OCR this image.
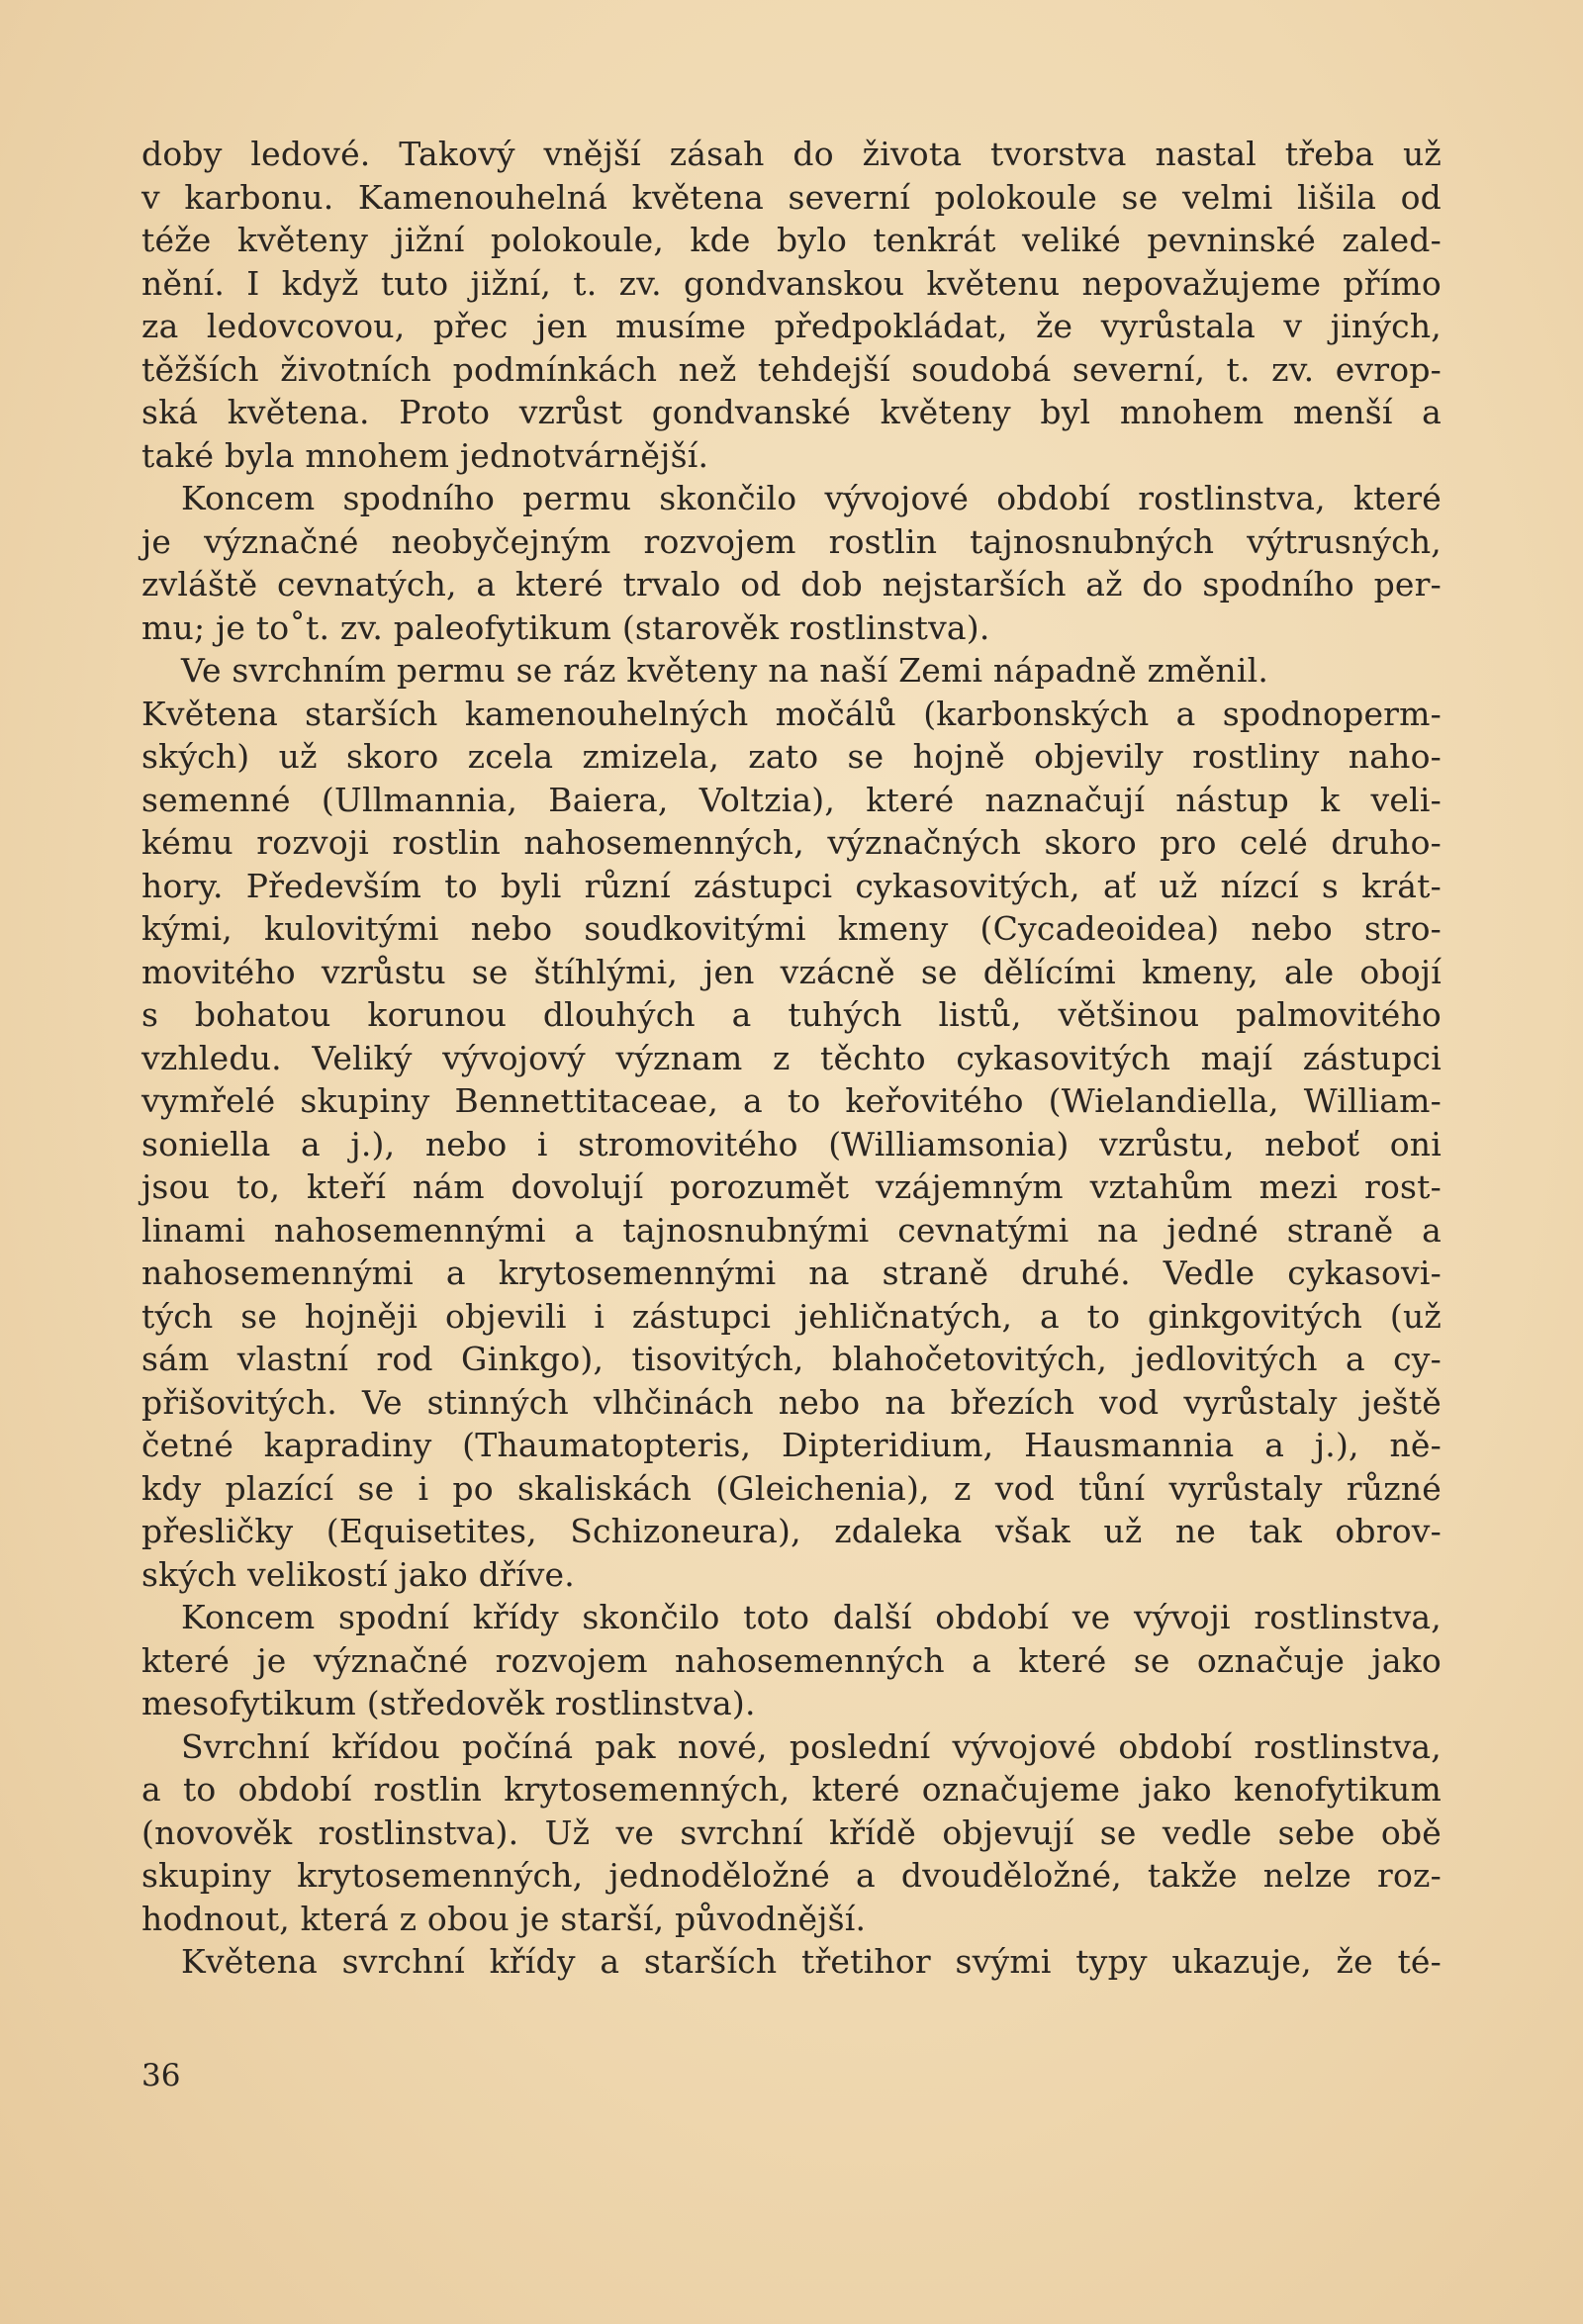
doby ledové. Takový vnější zásah do života tvorstva nastal třeba už
v karbonu. Kamenouhelná květena severní polokoule se velmi lišila od
téže květeny jižní polokoule, kde bylo tenkrát veliké pevninské zaled-
nění. I když tuto jižní, t. zv. gondvanskou květenu nepovažujeme přímo
za ledovcovou, přec jen musíme předpokládat, že vyrůstala v jiných,
těžších životních podmínkách než tehdejší soudobá severní, t. zv. evrop-
ská květena. Proto vzrůst gondvanské květeny byl mnohem menší a
také byla mnohem jednotvárnější.
Koncem spodního permu skončilo vývojové období rostlinstva, které
je význačné neobyčejným rozvojem rostlin tajnosnubných výtrusných,
zvláště cevnatých, a které trvalo od dob nejstarších až do spodního per-
mu; je to˚t. zv. paleofytikum (starověk rostlinstva).
Ve svrchním permu se ráz květeny na naší Zemi nápadně změnil.
Květena starších kamenouhelných močálů (karbonských a spodnoperm-
ských) už skoro zcela zmizela, zato se hojně objevily rostliny naho-
semenné (Ullmannia, Baiera, Voltzia), které naznačují nástup k veli-
kému rozvoji rostlin nahosemenných, význačných skoro pro celé druho-
hory. Především to byli různí zástupci cykasovitých, ať už nízcí s krát-
kými, kulovitými nebo soudkovitými kmeny (Cycadeoidea) nebo stro-
movitého vzrůstu se štíhlými, jen vzácně se dělícími kmeny, ale obojí
s bohatou korunou dlouhých a tuhých listů, většinou palmovitého
vzhledu. Veliký vývojový význam z těchto cykasovitých mají zástupci
vymřelé skupiny Bennettitaceae, a to keřovitého (Wielandiella, William-
soniella a j.), nebo i stromovitého (Williamsonia) vzrůstu, neboť oni
jsou to, kteří nám dovolují porozumět vzájemným vztahům mezi rost-
linami nahosemennými a tajnosnubnými cevnatými na jedné straně a
nahosemennými a krytosemennými na straně druhé. Vedle cykasovi-
tých se hojněji objevili i zástupci jehličnatých, a to ginkgovitých (už
sám vlastní rod Ginkgo), tisovitých, blahočetovitých, jedlovitých a cy-
přišovitých. Ve stinných vlhčinách nebo na březích vod vyrůstaly ještě
četné kapradiny (Thaumatopteris, Dipteridium, Hausmannia a j.), ně-
kdy plazící se i po skaliskách (Gleichenia), z vod tůní vyrůstaly různé
přesličky (Equisetites, Schizoneura), zdaleka však už ne tak obrov-
ských velikostí jako dříve.
Koncem spodní křídy skončilo toto další období ve vývoji rostlinstva,
které je význačné rozvojem nahosemenných a které se označuje jako
mesofytikum (středověk rostlinstva).
Svrchní křídou počíná pak nové, poslední vývojové období rostlinstva,
a to období rostlin krytosemenných, které označujeme jako kenofytikum
(novověk rostlinstva). Už ve svrchní křídě objevují se vedle sebe obě
skupiny krytosemenných, jednoděložné a dvouděložné, takže nelze roz-
hodnout, která z obou je starší, původnější.
Květena svrchní křídy a starších třetihor svými typy ukazuje, že té-
36
